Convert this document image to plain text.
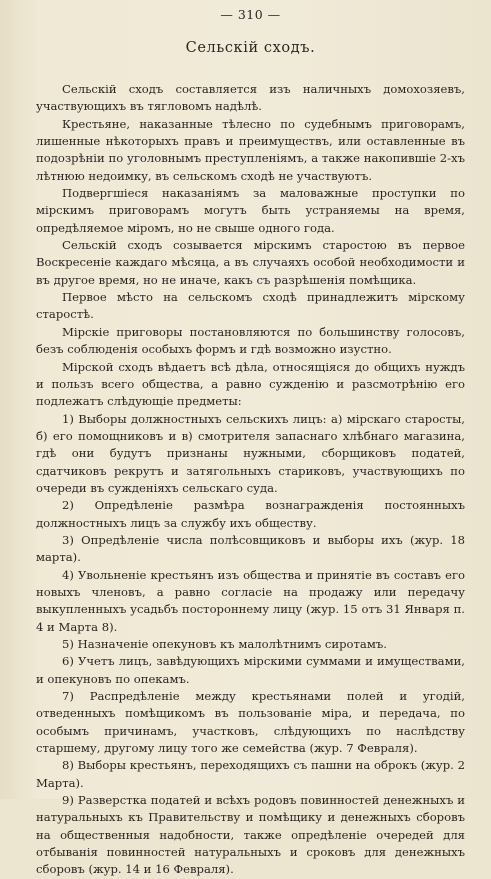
— 310 —
Сельскій сходъ.

Сельскій сходъ составляется изъ наличныхъ домохозяевъ, участвующихъ въ тягловомъ надѣлѣ.

Крестьяне, наказанные тѣлесно по судебнымъ приговорамъ, лишенные нѣкоторыхъ правъ и преимуществъ, или оставленные въ подозрѣніи по уголовнымъ преступленіямъ, а также накопившіе 2-хъ лѣтнюю недоимку, въ сельскомъ сходѣ не участвуютъ.

Подвергшіеся наказаніямъ за маловажные проступки по мірскимъ приговорамъ могутъ быть устраняемы на время, опредѣляемое міромъ, но не свыше одного года.

Сельскій сходъ созывается мірскимъ старостою въ первое Воскресеніе каждаго мѣсяца, а въ случаяхъ особой необходимости и въ другое время, но не иначе, какъ съ разрѣшенія помѣщика.

Первое мѣсто на сельскомъ сходѣ принадлежитъ мірскому старостѣ.

Мірскіе приговоры постановляются по большинству голосовъ, безъ соблюденія особыхъ формъ и гдѣ возможно изустно.

Мірской сходъ вѣдаетъ всѣ дѣла, относящіяся до общихъ нуждъ и пользъ всего общества, а равно сужденію и разсмотрѣнію его подлежатъ слѣдующіе предметы:

1) Выборы должностныхъ сельскихъ лицъ: а) мірскаго старосты, б) его помощниковъ и в) смотрителя запаснаго хлѣбнаго магазина, гдѣ они будутъ признаны нужными, сборщиковъ податей, сдатчиковъ рекрутъ и затягольныхъ стариковъ, участвующихъ по очереди въ сужденіяхъ сельскаго суда.

2) Опредѣленіе размѣра вознагражденія постоянныхъ должностныхъ лицъ за службу ихъ обществу.

3) Опредѣленіе числа полѣсовщиковъ и выборы ихъ (жур. 18 марта).

4) Увольненіе крестьянъ изъ общества и принятіе въ составъ его новыхъ членовъ, а равно согласіе на продажу или передачу выкупленныхъ усадьбъ постороннему лицу (жур. 15 отъ 31 Января п. 4 и Марта 8).

5) Назначеніе опекуновъ къ малолѣтнимъ сиротамъ.

6) Учетъ лицъ, завѣдующихъ мірскими суммами и имуществами, и опекуновъ по опекамъ.

7) Распредѣленіе между крестьянами полей и угодій, отведенныхъ помѣщикомъ въ пользованіе міра, и передача, по особымъ причинамъ, участковъ, слѣдующихъ по наслѣдству старшему, другому лицу того же семейства (жур. 7 Февраля).

8) Выборы крестьянъ, переходящихъ съ пашни на оброкъ (жур. 2 Марта).

9) Разверстка податей и всѣхъ родовъ повинностей денежныхъ и натуральныхъ къ Правительству и помѣщику и денежныхъ сборовъ на общественныя надобности, также опредѣленіе очередей для отбыванія повинностей натуральныхъ и сроковъ для денежныхъ сборовъ (жур. 14 и 16 Февраля).
